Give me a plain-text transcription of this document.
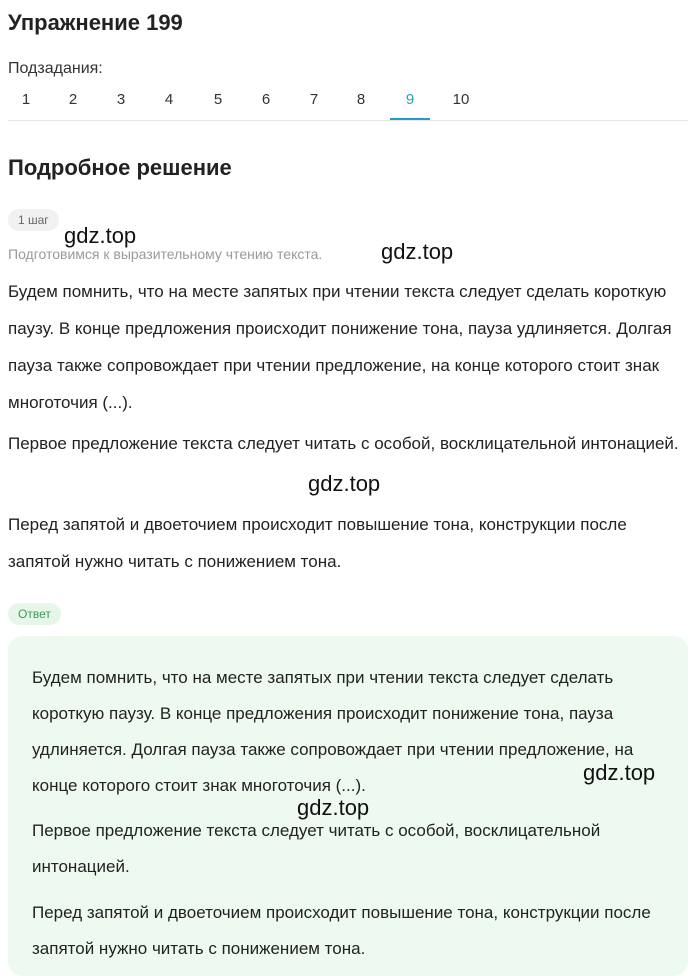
Упражнение 199
Подзадания:
1	2	3	4	5	6	7	8	9	10
Подробное решение
1 шаг
Подготовимся к выразительному чтению текста.

Будем помнить, что на месте запятых при чтении текста следует сделать короткую паузу. В конце предложения происходит понижение тона, пауза удлиняется. Долгая пауза также сопровождает при чтении предложение, на конце которого стоит знак многоточия (...).

Первое предложение текста следует читать с особой, восклицательной интонацией.

Перед запятой и двоеточием происходит повышение тона, конструкции после запятой нужно читать с понижением тона.

Ответ

Будем помнить, что на месте запятых при чтении текста следует сделать короткую паузу. В конце предложения происходит понижение тона, пауза удлиняется. Долгая пауза также сопровождает при чтении предложение, на конце которого стоит знак многоточия (...).

Первое предложение текста следует читать с особой, восклицательной интонацией.

Перед запятой и двоеточием происходит повышение тона, конструкции после запятой нужно читать с понижением тона.

gdz.top
gdz.top
gdz.top
gdz.top
gdz.top
